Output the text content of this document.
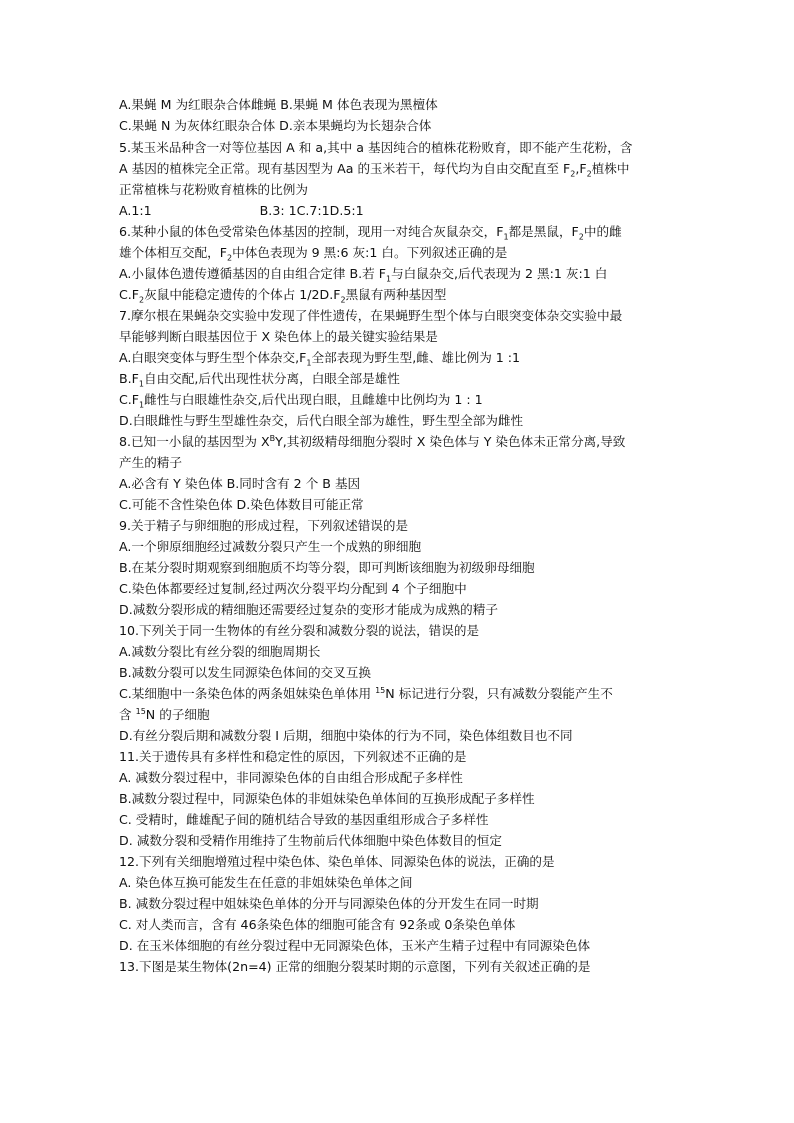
A.果蝇 M 为红眼杂合体雌蝇 B.果蝇 M 体色表现为黑檀体
C.果蝇 N 为灰体红眼杂合体 D.亲本果蝇均为长翅杂合体
5.某玉米品种含一对等位基因 A 和 a,其中 a 基因纯合的植株花粉败育，即不能产生花粉，含
A 基因的植株完全正常。现有基因型为 Aa 的玉米若干，每代均为自由交配直至 $F_2,F_2$植株中
正常植株与花粉败育植株的比例为
A.1:1	B.3: 1C.7:1D.5:1
6.某种小鼠的体色受常染色体基因的控制，现用一对纯合灰鼠杂交，$F_1$都是黑鼠，$F_2$中的雌
雄个体相互交配，$F_2$中体色表现为 9 黑:6 灰:1 白。下列叙述正确的是
A.小鼠体色遗传遵循基因的自由组合定律 B.若 $F_1$与白鼠杂交,后代表现为 2 黑:1 灰:1 白
$C.F_2$灰鼠中能稳定遗传的个体占 $1/2D.F_2$黑鼠有两种基因型
7.摩尔根在果蝇杂交实验中发现了伴性遗传，在果蝇野生型个体与白眼突变体杂交实验中最
早能够判断白眼基因位于 X 染色体上的最关键实验结果是
A.白眼突变体与野生型个体杂交$,F_1$全部表现为野生型,雌、雄比例为 1 :1
$B.F_1$自由交配,后代出现性状分离，白眼全部是雄性
$C.F_1$雌性与白眼雄性杂交,后代出现白眼，且雌雄中比例均为 1 : 1
D.白眼雌性与野生型雄性杂交，后代白眼全部为雄性，野生型全部为雌性
8.已知一小鼠的基因型为 $X^BY$,其初级精母细胞分裂时 X 染色体与 Y 染色体未正常分离,导致
产生的精子
A.必含有 Y 染色体 B.同时含有 2 个 B 基因
C.可能不含性染色体 D.染色体数目可能正常
9.关于精子与卵细胞的形成过程，下列叙述错误的是
A.一个卵原细胞经过减数分裂只产生一个成熟的卵细胞
B.在某分裂时期观察到细胞质不均等分裂，即可判断该细胞为初级卵母细胞
C.染色体都要经过复制,经过两次分裂平均分配到 4 个子细胞中
D.减数分裂形成的精细胞还需要经过复杂的变形才能成为成熟的精子
10.下列关于同一生物体的有丝分裂和减数分裂的说法，错误的是
A.减数分裂比有丝分裂的细胞周期长
B.减数分裂可以发生同源染色体间的交叉互换
C.某细胞中一条染色体的两条姐妹染色单体用 $^{15}$N 标记进行分裂，只有减数分裂能产生不
含 $^{15}$N 的子细胞
D.有丝分裂后期和减数分裂 I 后期，细胞中染体的行为不同，染色体组数目也不同
11.关于遗传具有多样性和稳定性的原因，下列叙述不正确的是
A. 减数分裂过程中，非同源染色体的自由组合形成配子多样性
B.减数分裂过程中，同源染色体的非姐妹染色单体间的互换形成配子多样性
C. 受精时，雌雄配子间的随机结合导致的基因重组形成合子多样性
D. 减数分裂和受精作用维持了生物前后代体细胞中染色体数目的恒定
12.下列有关细胞增殖过程中染色体、染色单体、同源染色体的说法，正确的是
A. 染色体互换可能发生在任意的非姐妹染色单体之间
B. 减数分裂过程中姐妹染色单体的分开与同源染色体的分开发生在同一时期
C. 对人类而言，含有 46条染色体的细胞可能含有 92条或 0条染色单体
D. 在玉米体细胞的有丝分裂过程中无同源染色体，玉米产生精子过程中有同源染色体
13.下图是某生物体(2n=4) 正常的细胞分裂某时期的示意图，下列有关叙述正确的是
